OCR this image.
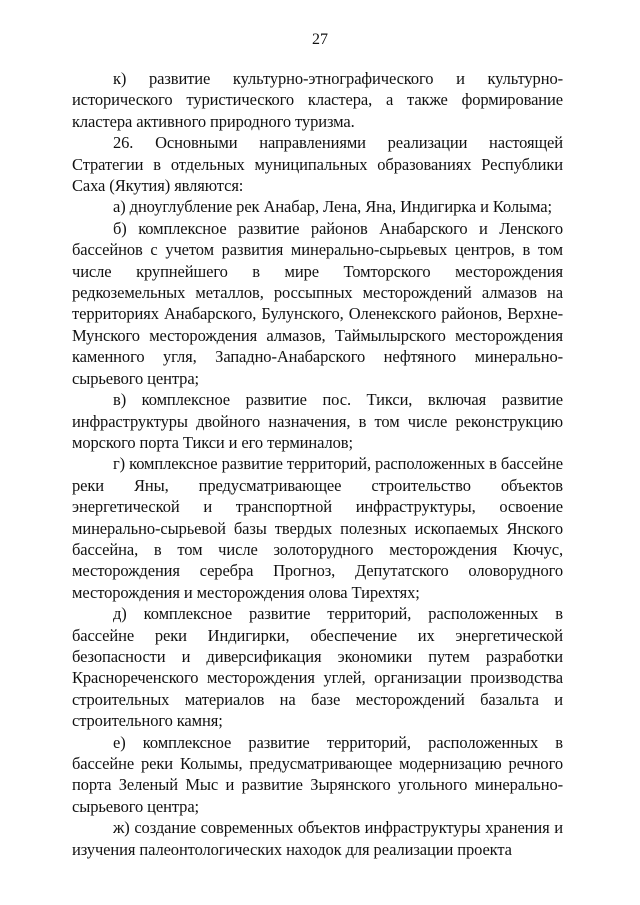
27

к) развитие культурно-этнографического и культурно-исторического туристического кластера, а также формирование кластера активного природного туризма.

26. Основными направлениями реализации настоящей Стратегии в отдельных муниципальных образованиях Республики Саха (Якутия) являются:

а) дноуглубление рек Анабар, Лена, Яна, Индигирка и Колыма;

б) комплексное развитие районов Анабарского и Ленского бассейнов с учетом развития минерально-сырьевых центров, в том числе крупнейшего в мире Томторского месторождения редкоземельных металлов, россыпных месторождений алмазов на территориях Анабарского, Булунского, Оленекского районов, Верхне-Мунского месторождения алмазов, Таймылырского месторождения каменного угля, Западно-Анабарского нефтяного минерально-сырьевого центра;

в) комплексное развитие пос. Тикси, включая развитие инфраструктуры двойного назначения, в том числе реконструкцию морского порта Тикси и его терминалов;

г) комплексное развитие территорий, расположенных в бассейне реки Яны, предусматривающее строительство объектов энергетической и транспортной инфраструктуры, освоение минерально-сырьевой базы твердых полезных ископаемых Янского бассейна, в том числе золоторудного месторождения Кючус, месторождения серебра Прогноз, Депутатского оловорудного месторождения и месторождения олова Тирехтях;

д) комплексное развитие территорий, расположенных в бассейне реки Индигирки, обеспечение их энергетической безопасности и диверсификация экономики путем разработки Краснореченского месторождения углей, организации производства строительных материалов на базе месторождений базальта и строительного камня;

е) комплексное развитие территорий, расположенных в бассейне реки Колымы, предусматривающее модернизацию речного порта Зеленый Мыс и развитие Зырянского угольного минерально-сырьевого центра;

ж) создание современных объектов инфраструктуры хранения и изучения палеонтологических находок для реализации проекта
